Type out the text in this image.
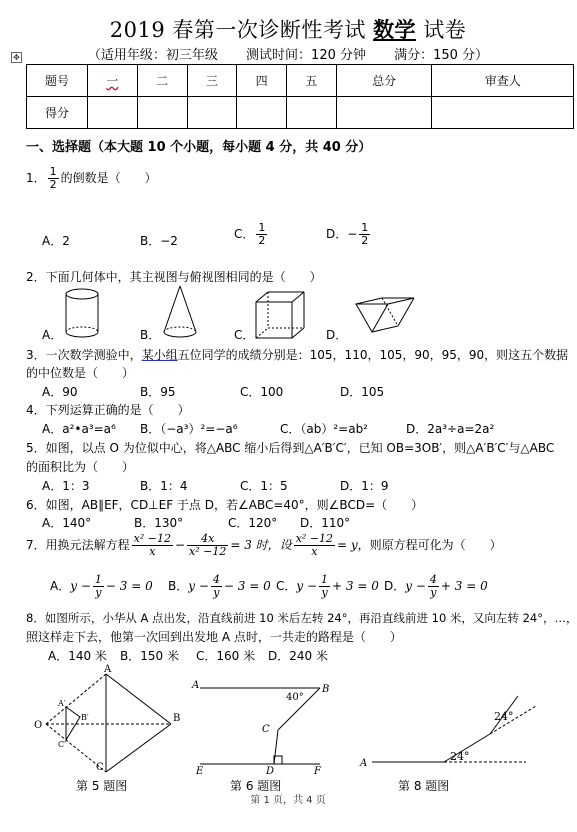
2019 春第一次诊断性考试 数学 试卷
（适用年级：初三年级 测试时间：120 分钟 满分：150 分）
✥
题号	一	二	三	四	五	总分	审查人
得分							
一、选择题（本大题 10 个小题，每小题 4 分，共 40 分）
1． $\frac{1}{2}$ 的倒数是（　　）
A．2	B．−2	C． $\frac{1}{2}$	D．− $\frac{1}{2}$
2．下面几何体中，其主视图与俯视图相同的是（　　）
A．	B．	C．	D．
3．一次数学测验中，某小组五位同学的成绩分别是：105，110，105，90，95，90，则这五个数据
的中位数是（　　）
A．90	B．95	C．100	D．105
4．下列运算正确的是（　　）
A．a²•a³=a⁶ B．（−a³）²=−a⁶	C．（ab）²=ab²	D．2a³÷a=2a²
5．如图，以点 O 为位似中心，将△ABC 缩小后得到△A′B′C′，已知 OB=3OB′，则△A′B′C′与△ABC
的面积比为（　　）
A．1：3	B．1：4	C．1：5	D．1：9
6．如图，AB∥EF，CD⊥EF 于点 D，若∠ABC=40°，则∠BCD=（　　）
A．140°	B．130°	C．120° D．110°
7．用换元法解方程 $\frac{\text{x² −12}}{x} - \frac{4x}{\text{x² −12}} = 3$ 时，设 $\frac{\text{x² −12}}{x} = y$，则原方程可化为（　　）
A．$y - \frac{1}{y} - 3 = 0$ B．$y - \frac{4}{y} - 3 = 0$ C．$y - \frac{1}{y} + 3 = 0$ D．$y - \frac{4}{y} + 3 = 0$
8．如图所示，小华从 A 点出发，沿直线前进 10 米后左转 24°，再沿直线前进 10 米，又向左转 24°，…，
照这样走下去，他第一次回到出发地 A 点时，一共走的路程是（　　）
A．140 米 B．150 米 C．160 米 D．240 米
A
B
C
O
A′
B′
C′
第 5 题图
A	B
C
D
E	F
40°
第 6 题图
A
24°
24°
第 8 题图
第 1 页，共 4 页
